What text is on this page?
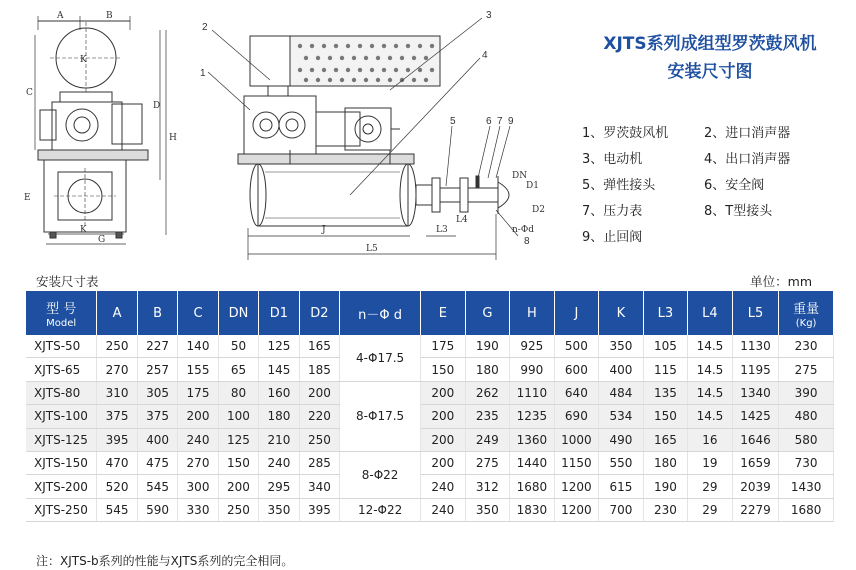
A	B
C
D
H
E
K
K
G
J
L5
L3
L4
DN
D1
D2
n-Φd
1
2
3
4
5	6 7 9
8
XJTS系列成组型罗茨鼓风机
安装尺寸图
1、罗茨鼓风机	2、进口消声器
3、电动机	4、出口消声器
5、弹性接头	6、安全阀
7、压力表	8、T型接头
9、止回阀
安装尺寸表	单位：mm
型 号
Model	A	B	C	DN	D1	D2	n－Φ d	E	G	H	J	K	L3	L4	L5	重量
(Kg)

XJTS-50	250	227	140	50	125	165	4-Φ17.5	175	190	925	500	350	105	14.5	1130	230
XJTS-65	270	257	155	65	145	185		150	180	990	600	400	115	14.5	1195	275
XJTS-80	310	305	175	80	160	200	8-Φ17.5	200	262	1110	640	484	135	14.5	1340	390
XJTS-100	375	375	200	100	180	220		200	235	1235	690	534	150	14.5	1425	480
XJTS-125	395	400	240	125	210	250		200	249	1360	1000	490	165	16	1646	580
XJTS-150	470	475	270	150	240	285	8-Φ22	200	275	1440	1150	550	180	19	1659	730
XJTS-200	520	545	300	200	295	340		240	312	1680	1200	615	190	29	2039	1430
XJTS-250	545	590	330	250	350	395	12-Φ22	240	350	1830	1200	700	230	29	2279	1680
注：XJTS-b系列的性能与XJTS系列的完全相同。
